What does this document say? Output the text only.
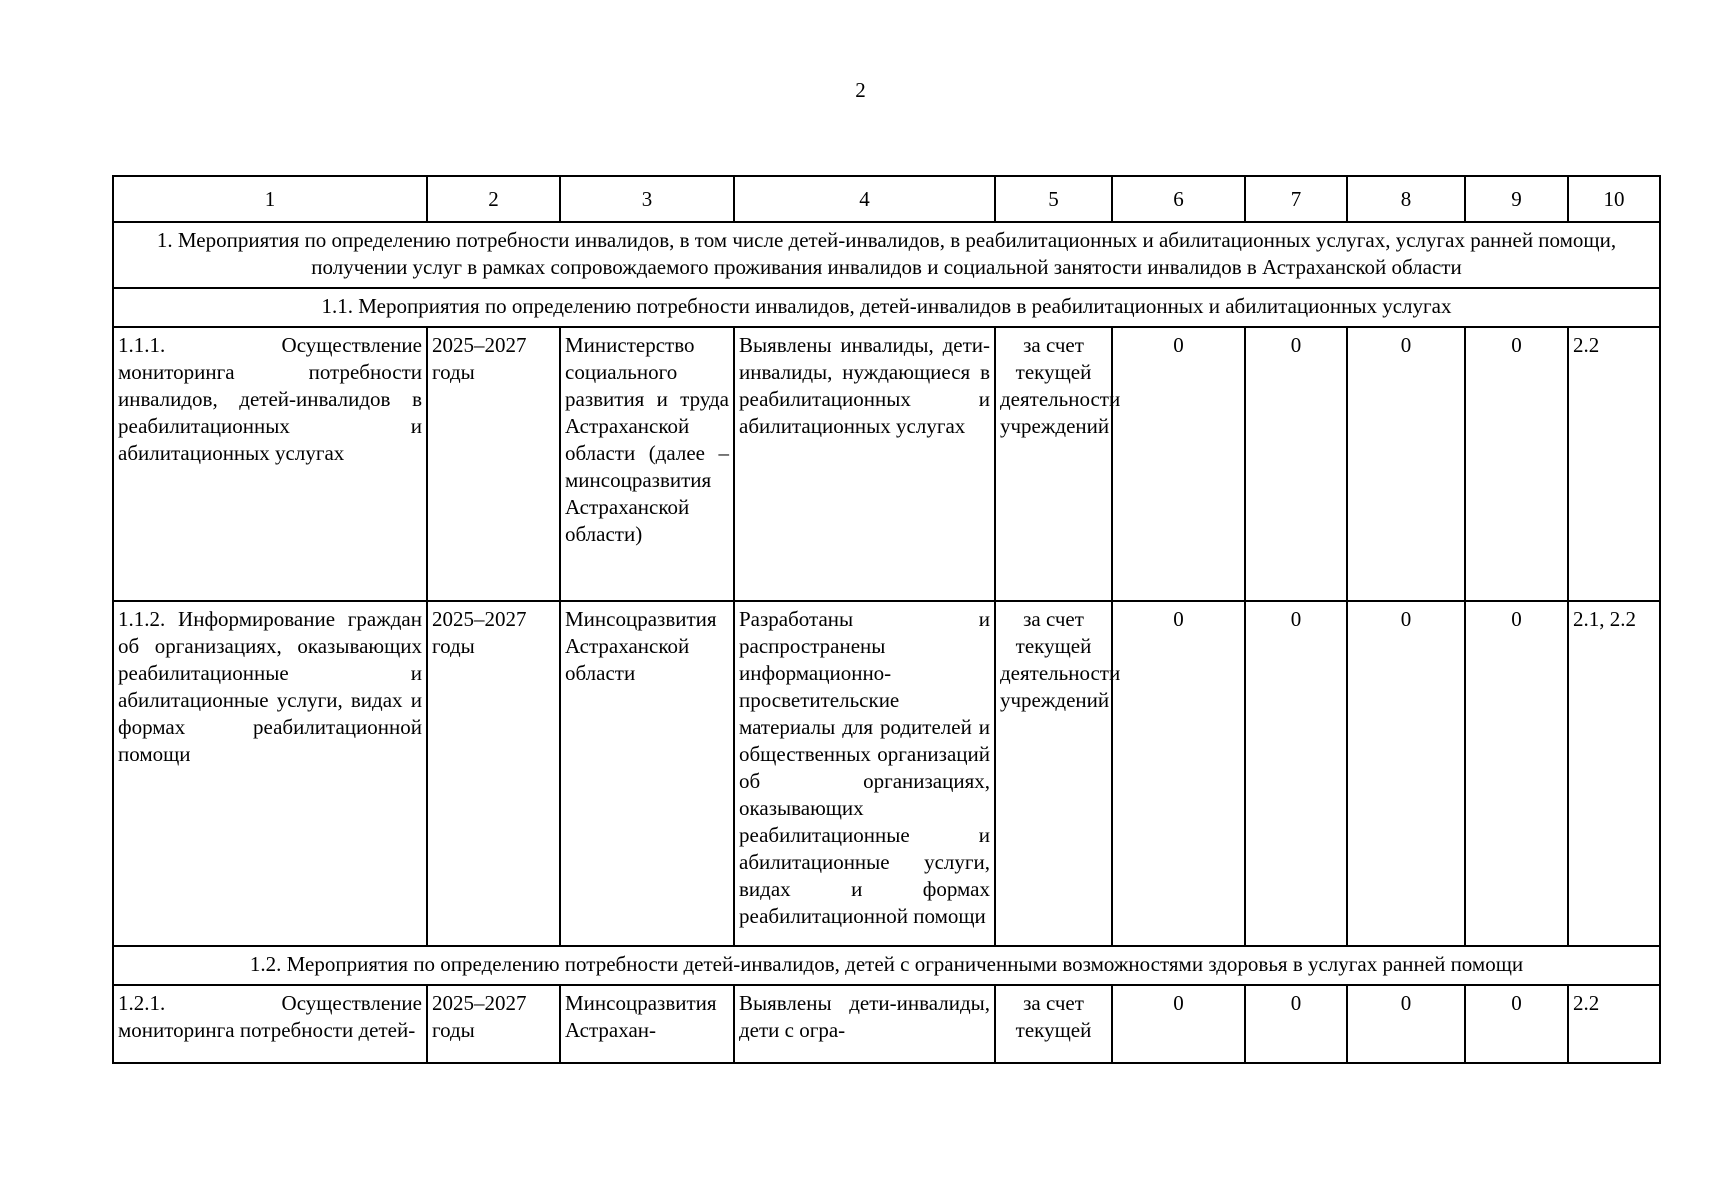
2
1	2	3	4	5	6	7	8	9	10
1. Мероприятия по определению потребности инвалидов, в том числе детей-инвалидов, в реабилитационных и абилитационных услугах, услугах ранней помощи, получении услуг в рамках сопровождаемого проживания инвалидов и социальной занятости инвалидов в Астраханской области									
1.1. Мероприятия по определению потребности инвалидов, детей-инвалидов в реабилитационных и абилитационных услугах									
1.1.1. Осуществление мониторинга потребности инвалидов, детей-инвалидов в реабилитационных и абилитационных услугах	2025–2027 годы	Министерство социального развития и труда Астраханской области (далее – минсоцразвития Астраханской области)	Выявлены инвалиды, дети-инвалиды, нуждающиеся в реабилитационных и абилитационных услугах	за счет текущей деятельности учреждений	0	0	0	0	2.2
1.1.2. Информирование граждан об организациях, оказывающих реабилитационные и абилитационные услуги, видах и формах реабилитационной помощи	2025–2027 годы	Минсоцразвития Астраханской области	Разработаны и распространены информационно-просветительские материалы для родителей и общественных организаций об организациях, оказывающих реабилитационные и абилитационные услуги, видах и формах реабилитационной помощи	за счет текущей деятельности учреждений	0	0	0	0	2.1, 2.2
1.2. Мероприятия по определению потребности детей-инвалидов, детей с ограниченными возможностями здоровья в услугах ранней помощи									
1.2.1. Осуществление мониторинга потребности детей-	2025–2027 годы	Минсоцразвития Астрахан-	Выявлены дети-инвалиды, дети с огра-	за счет текущей	0	0	0	0	2.2
